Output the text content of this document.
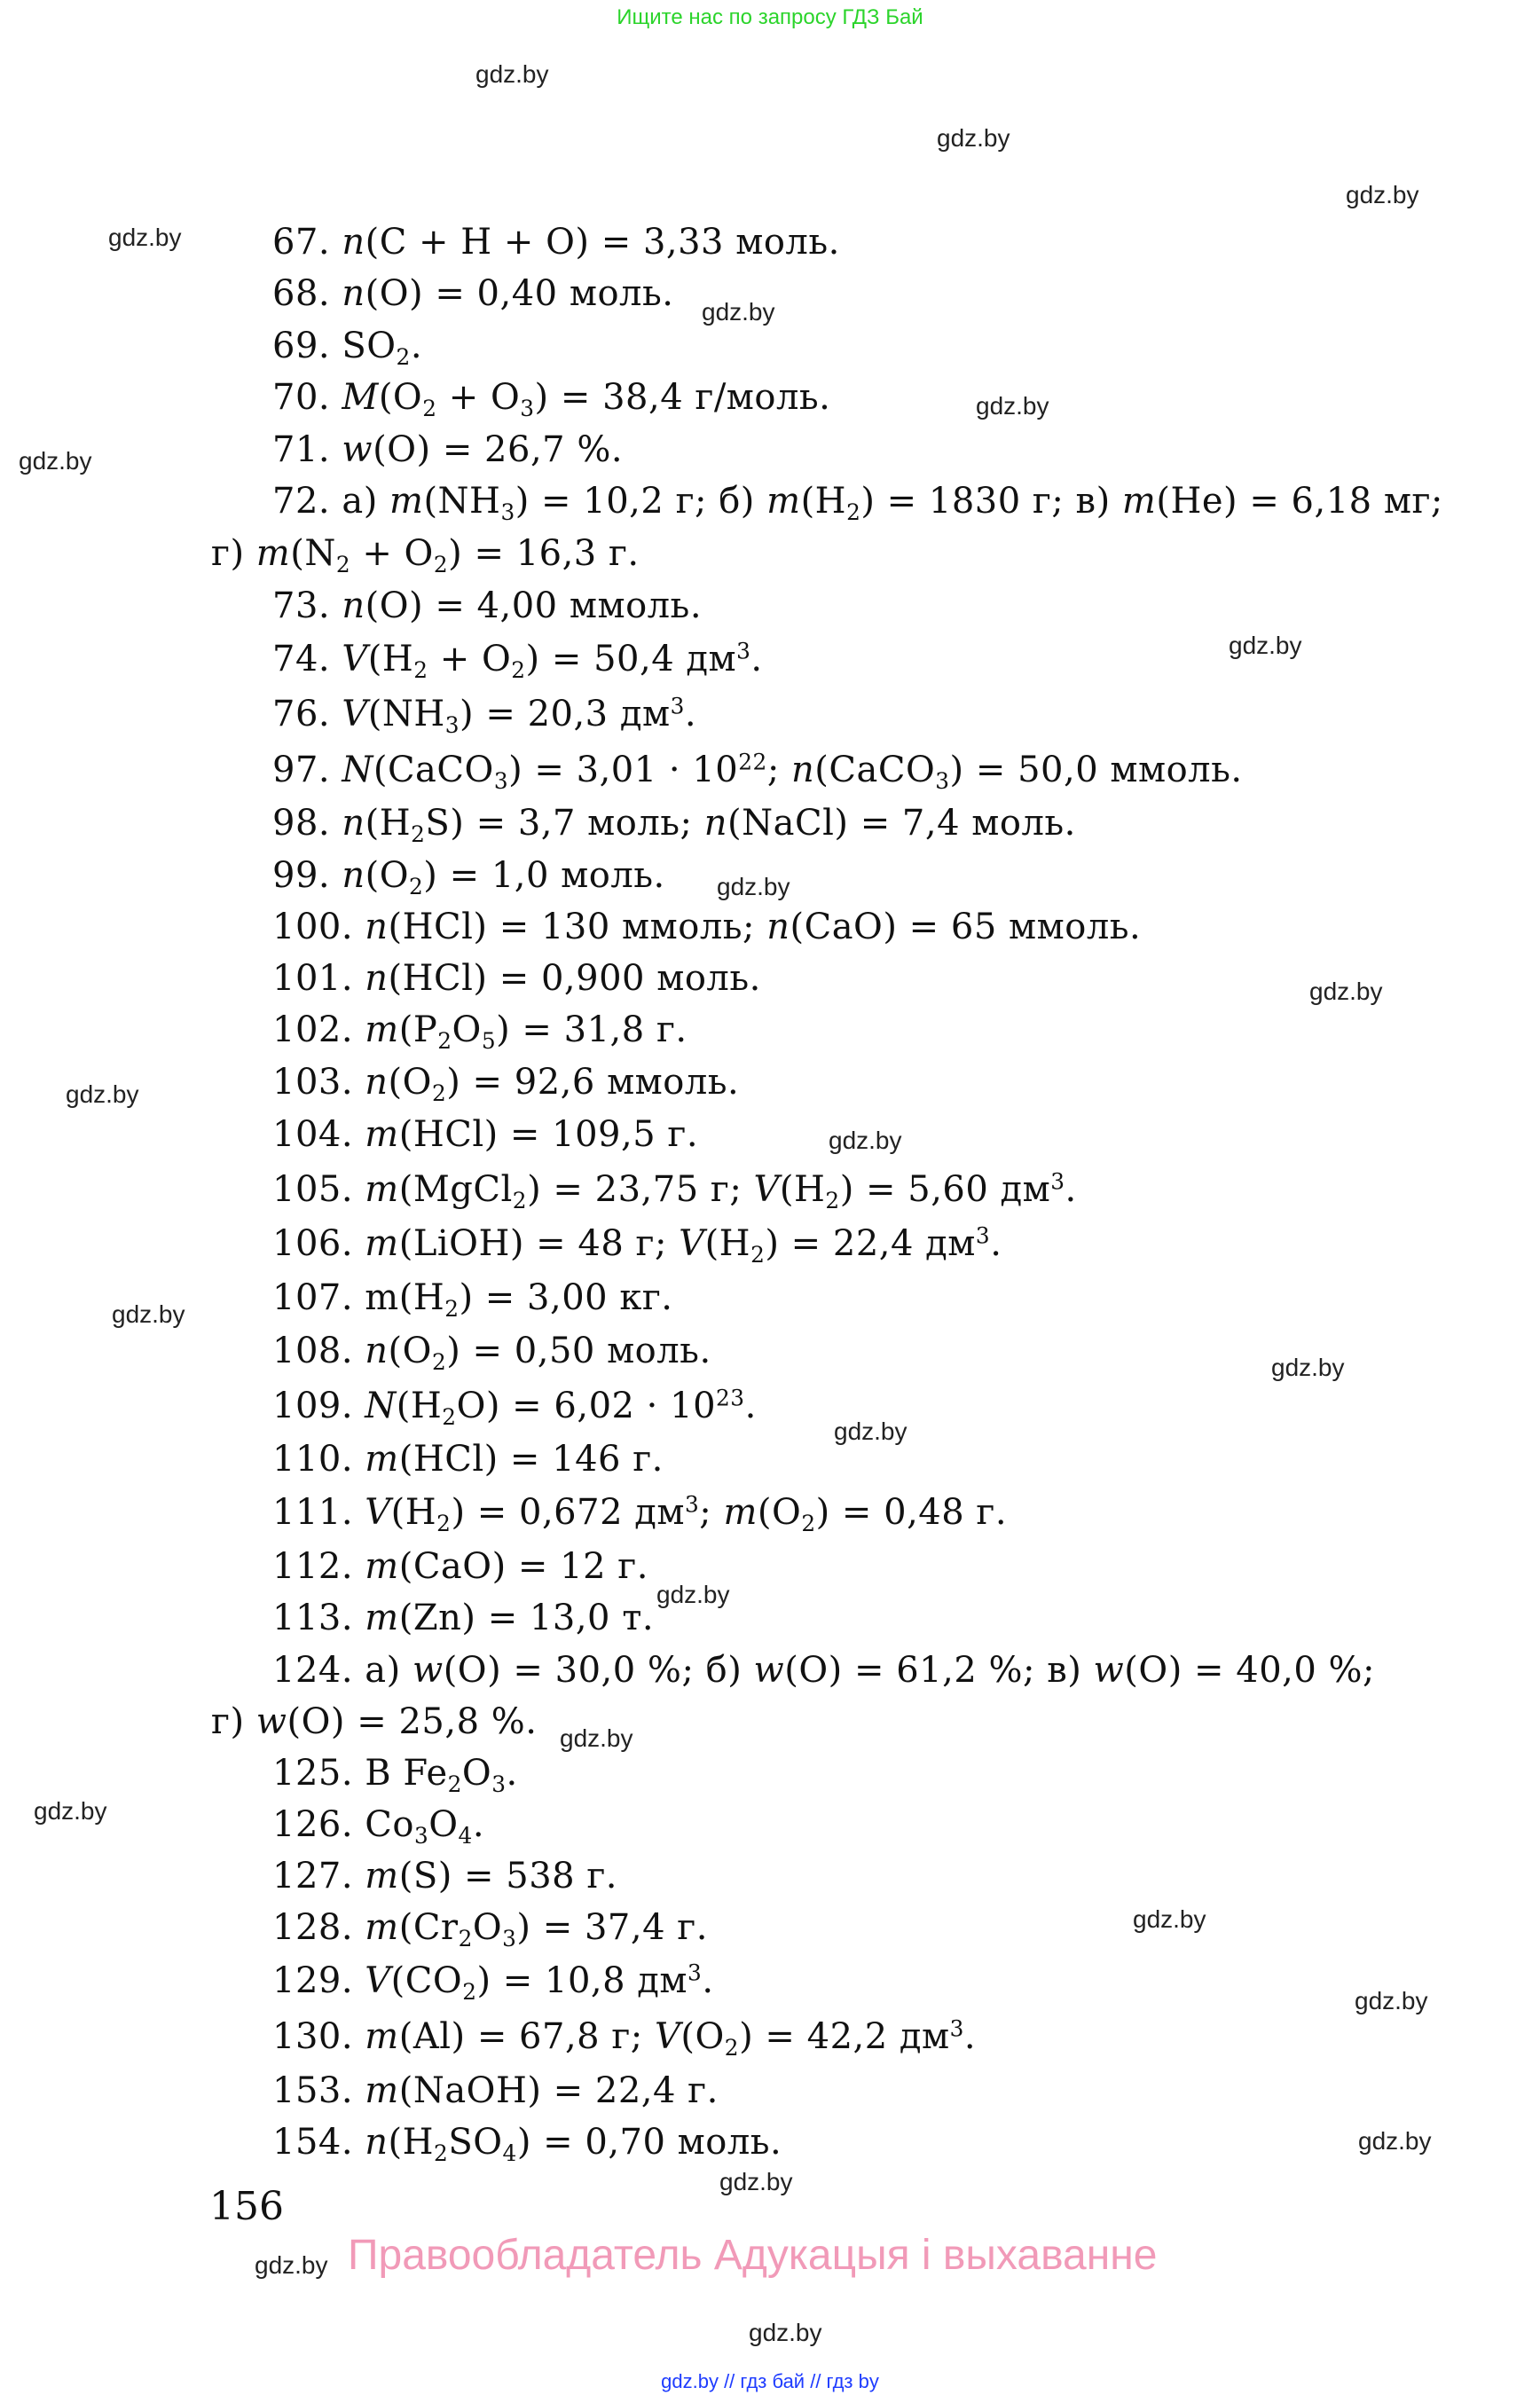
Ищите нас по запросу ГДЗ Бай
gdz.by
gdz.by
gdz.by
gdz.by
gdz.by
gdz.by
gdz.by
gdz.by
gdz.by
gdz.by
gdz.by
gdz.by
gdz.by
gdz.by
gdz.by
gdz.by
gdz.by
gdz.by
gdz.by
gdz.by
gdz.by
gdz.by
gdz.by
gdz.by
67. n(C + H + O) = 3,33 моль.
68. n(O) = 0,40 моль.
69. $SO_2$.
70. $M(O_2 + O_3) = 38,4$ г/моль.
71. w(O) = 26,7 %.
72. а) $m(NH_3) = 10,2$ г; б) $m(H_2) = 1830$ г; в) m(He) = 6,18 мг;
г) $m(N_2 + O_2) = 16,3$ г.
73. n(O) = 4,00 ммоль.
74. $V(H_2 + O_2) = 50,4$ $дм^3$.
76. $V(NH_3) = 20,3$ $дм^3$.
97. N(CaCO$_3$) = $3,01 \cdot 10^{22}$; n(CaCO$_3$) = 50,0 ммоль.
98. $n(H_2S) = 3,7$ моль; n(NaCl) = 7,4 моль.
99. $n(O_2) = 1,0$ моль.
100. n(HCl) = 130 ммоль; n(CaO) = 65 ммоль.
101. n(HCl) = 0,900 моль.
102. $m(P_2O_5) = 31,8$ г.
103. $n(O_2) = 92,6$ ммоль.
104. m(HCl) = 109,5 г.
105. m(MgCl$_2$) = 23,75 г; $V(H_2) = 5,60$ $дм^3$.
106. m(LiOH) = 48 г; $V(H_2) = 22,4$ $дм^3$.
107. $m(H_2) = 3,00$ кг.
108. $n(O_2) = 0,50$ моль.
109. $N(H_2O) = 6,02 \cdot 10^{23}$.
110. m(HCl) = 146 г.
111. $V(H_2) = 0,672$ $дм^3$; $m(O_2) = 0,48$ г.
112. m(CaO) = 12 г.
113. m(Zn) = 13,0 т.
124. а) w(O) = 30,0 %; б) w(O) = 61,2 %; в) w(O) = 40,0 %;
г) w(O) = 25,8 %.
125. В $Fe_2O_3$.
126. $Co_3O_4$.
127. m(S) = 538 г.
128. $m(Cr_2O_3) = 37,4$ г.
129. $V(CO_2) = 10,8$ $дм^3$.
130. m(Al) = 67,8 г; $V(O_2) = 42,2$ $дм^3$.
153. m(NaOH) = 22,4 г.
154. $n(H_2SO_4) = 0,70$ моль.
156
Правообладатель Адукацыя і выхаванне
gdz.by // гдз бай // гдз by
